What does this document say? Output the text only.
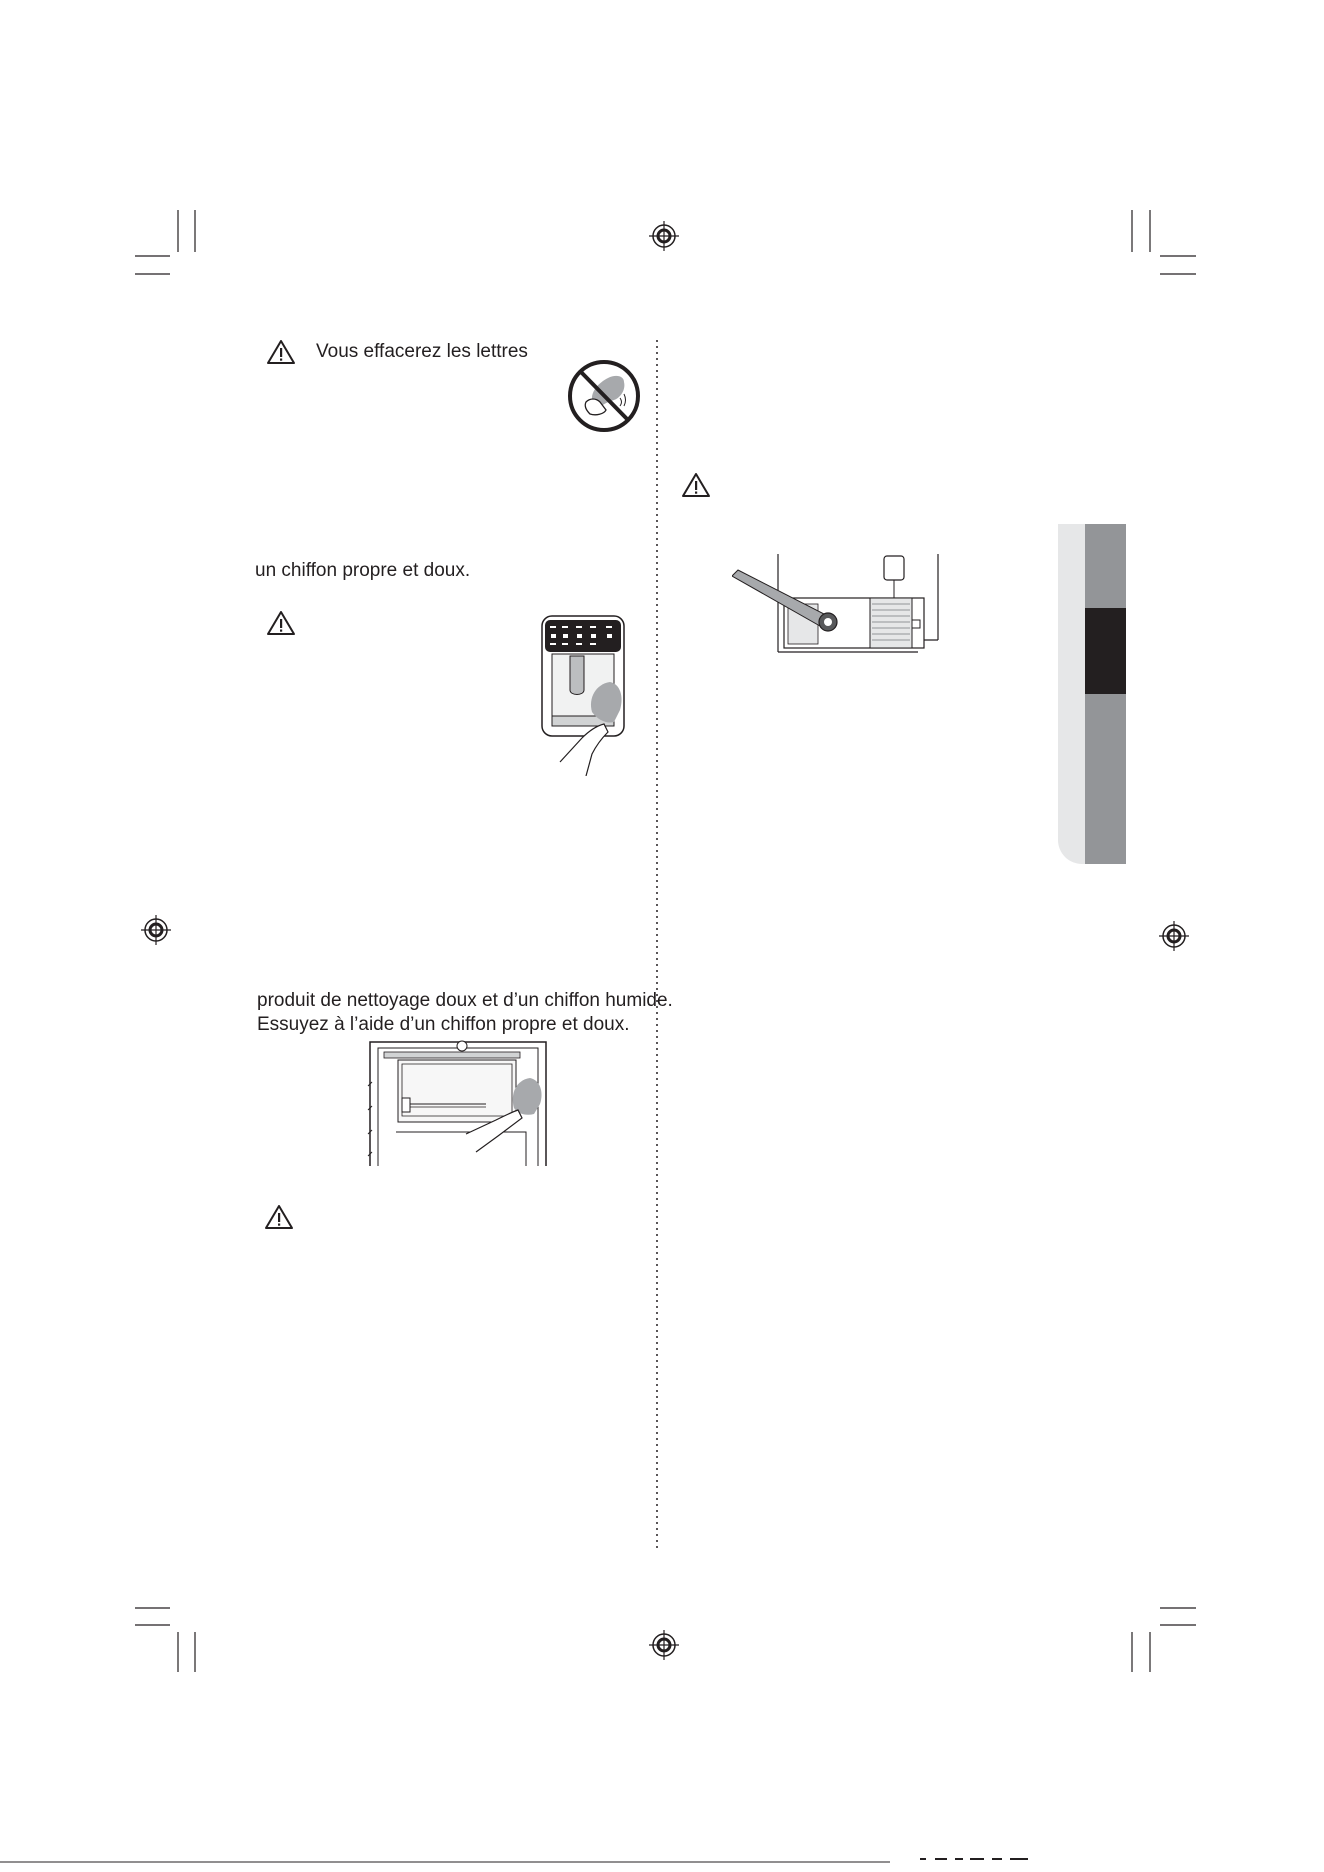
Vous effacerez les lettres
un chiffon propre et doux.
produit de nettoyage doux et d’un chiffon humide.
Essuyez à l’aide d’un chiffon propre et doux.
